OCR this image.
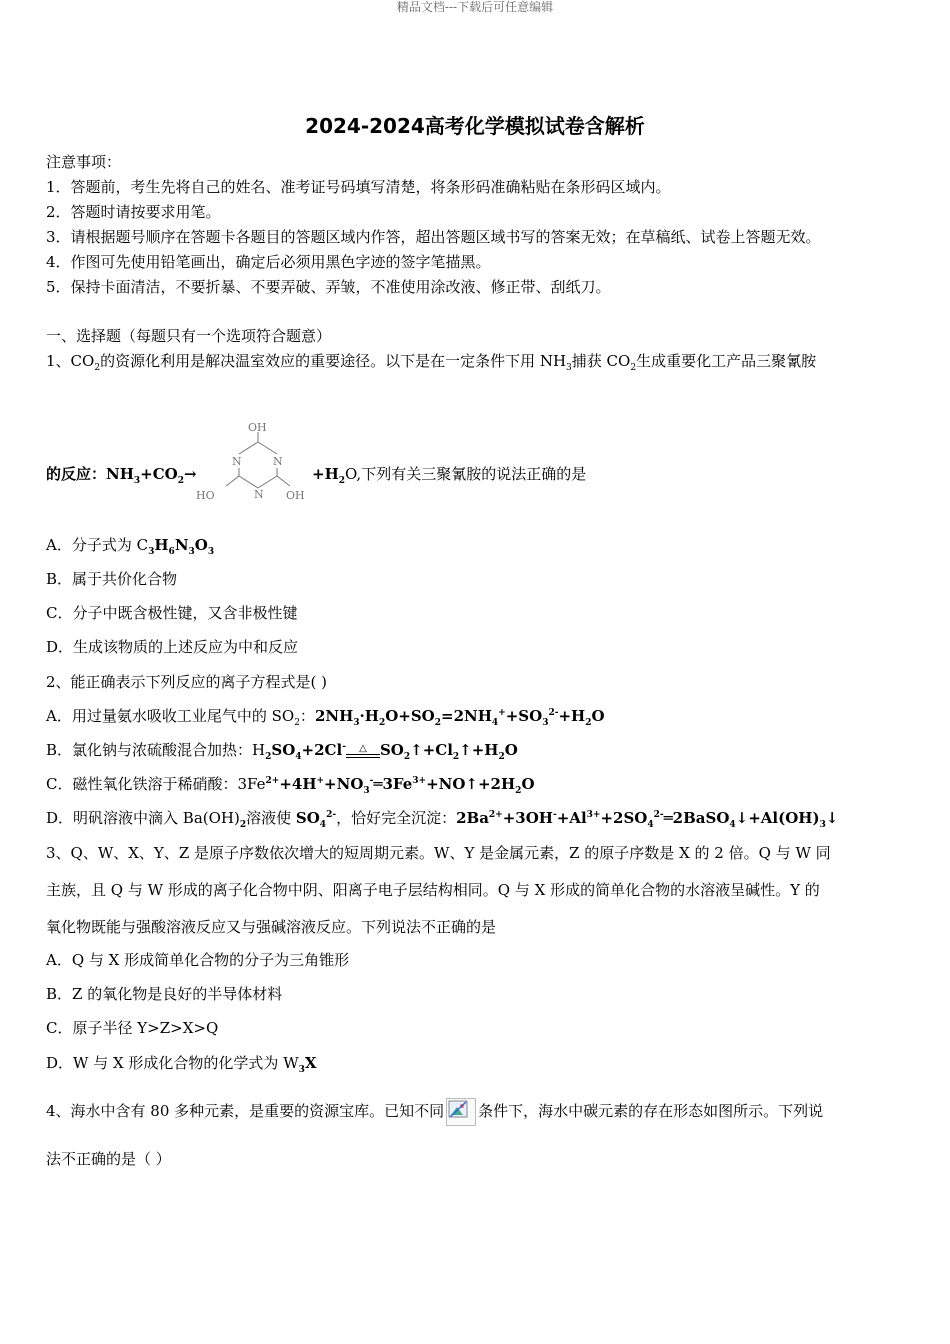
精品文档---下载后可任意编辑
2024-2024高考化学模拟试卷含解析
注意事项：
1．答题前，考生先将自己的姓名、准考证号码填写清楚，将条形码准确粘贴在条形码区域内。
2．答题时请按要求用笔。
3．请根据题号顺序在答题卡各题目的答题区域内作答，超出答题区域书写的答案无效；在草稿纸、试卷上答题无效。
4．作图可先使用铅笔画出，确定后必须用黑色字迹的签字笔描黑。
5．保持卡面清洁，不要折暴、不要弄破、弄皱，不准使用涂改液、修正带、刮纸刀。
一、选择题（每题只有一个选项符合题意）
1、$CO_2$的资源化利用是解决温室效应的重要途径。以下是在一定条件下用 $NH_3$捕获 $CO_2$生成重要化工产品三聚氰胺
的反应：$NH_3+CO_2\to$
OH
N	N
N
HO	OH
$+H_2O$,下列有关三聚氰胺的说法正确的是
A．分子式为 $C_3H_6N_3O_3$
B．属于共价化合物
C．分子中既含极性键，又含非极性键
D．生成该物质的上述反应为中和反应
2、能正确表示下列反应的离子方程式是( )
A．用过量氨水吸收工业尾气中的 $SO_2$：$2NH_3\cdot H_2O+SO_2=2NH_4^++SO_3^{2-}+H_2O$
B．氯化钠与浓硫酸混合加热：$H_2SO_4+2Cl^-$	△ $SO_2↑+Cl_2↑+H_2O$
C．磁性氧化铁溶于稀硝酸：$3Fe^{2+}+4H^++NO_3^-═3Fe^{3+}+NO↑+2H_2O$
D．明矾溶液中滴入 $Ba(OH)_2$溶液使 $SO_4^{2-}$，恰好完全沉淀：$2Ba^{2+}+3OH^-+Al^{3+}+2SO_4^{2-}═2BaSO_4↓+Al(OH)_3↓$
3、Q、W、X、Y、Z 是原子序数依次增大的短周期元素。W、Y 是金属元素，Z 的原子序数是 X 的 2 倍。Q 与 W 同
主族，且 Q 与 W 形成的离子化合物中阴、阳离子电子层结构相同。Q 与 X 形成的简单化合物的水溶液呈碱性。Y 的
氧化物既能与强酸溶液反应又与强碱溶液反应。下列说法不正确的是
A．Q 与 X 形成简单化合物的分子为三角锥形
B．Z 的氧化物是良好的半导体材料
C．原子半径 Y>Z>X>Q
D．W 与 X 形成化合物的化学式为 $W_3X$
4、海水中含有 80 多种元素，是重要的资源宝库。已知不同 条件下，海水中碳元素的存在形态如图所示。下列说
法不正确的是（ ）
